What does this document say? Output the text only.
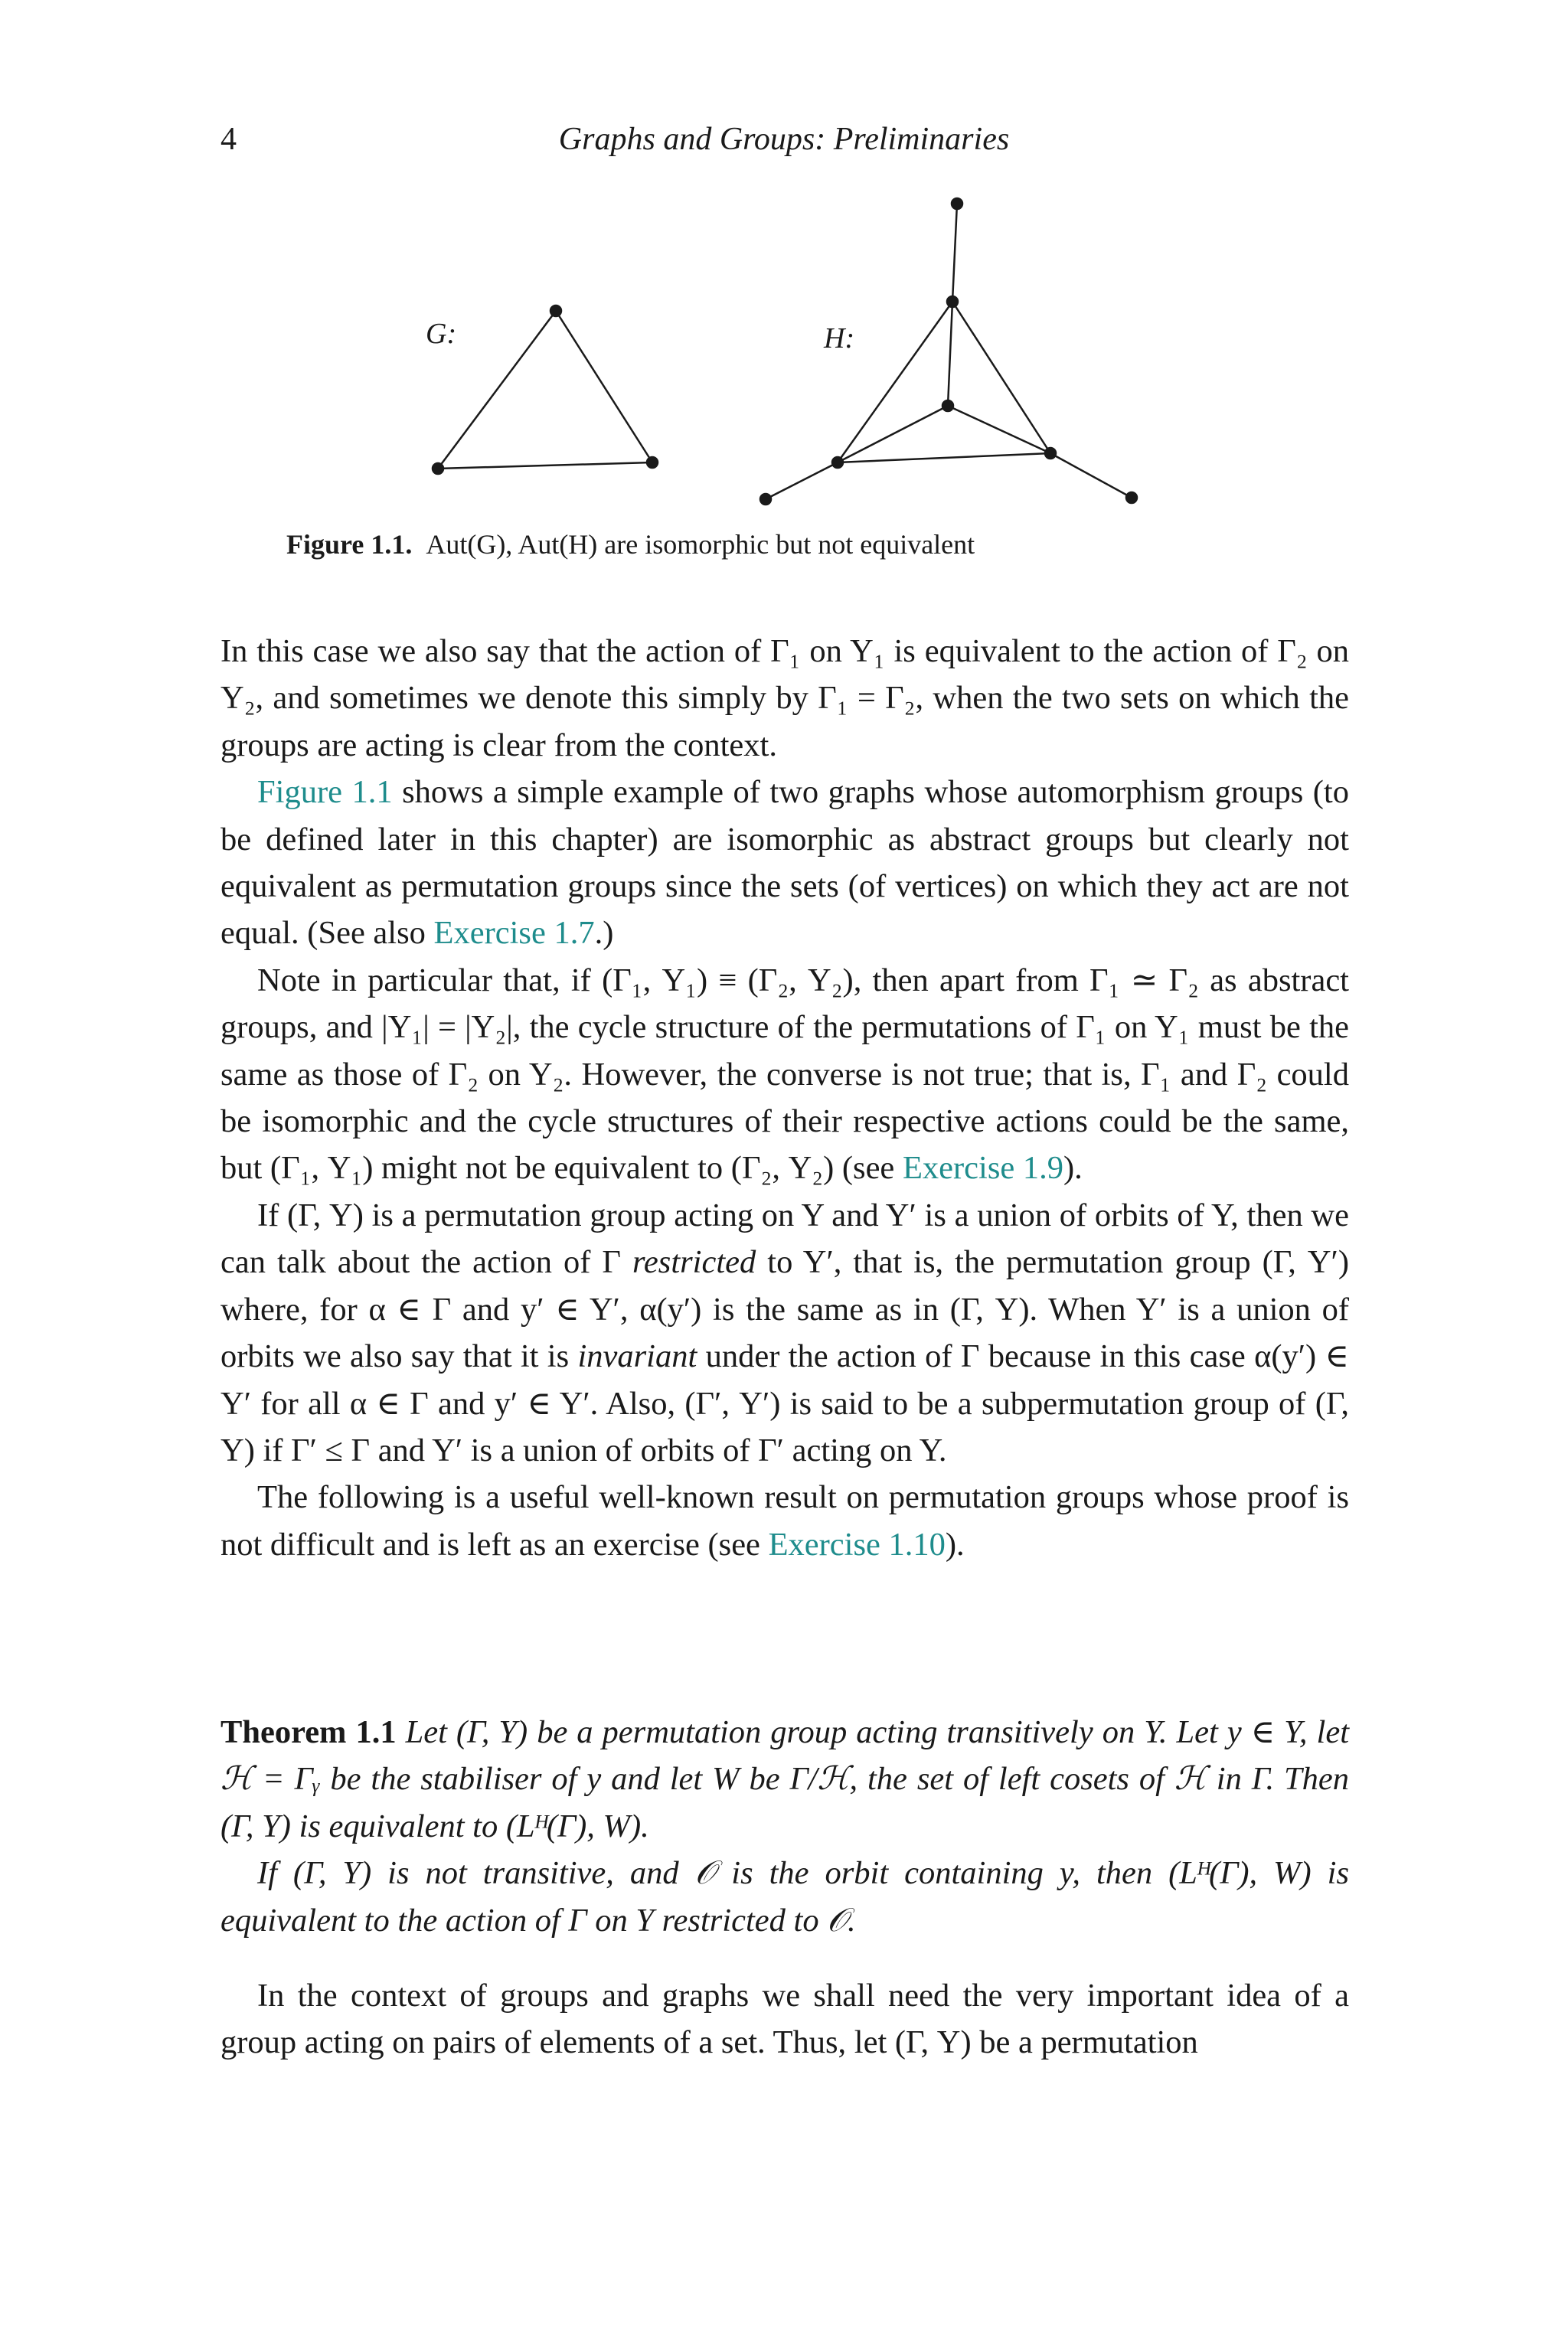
4	Graphs and Groups: Preliminaries
G:	H:
Figure 1.1. Aut(G), Aut(H) are isomorphic but not equivalent

In this case we also say that the action of Γ₁ on Y₁ is equivalent to the action of Γ₂ on Y₂, and sometimes we denote this simply by Γ₁ = Γ₂, when the two sets on which the groups are acting is clear from the context.

Figure 1.1 shows a simple example of two graphs whose automorphism groups (to be defined later in this chapter) are isomorphic as abstract groups but clearly not equivalent as permutation groups since the sets (of vertices) on which they act are not equal. (See also Exercise 1.7.)

Note in particular that, if (Γ₁, Y₁) ≡ (Γ₂, Y₂), then apart from Γ₁ ≃ Γ₂ as abstract groups, and |Y₁| = |Y₂|, the cycle structure of the permutations of Γ₁ on Y₁ must be the same as those of Γ₂ on Y₂. However, the converse is not true; that is, Γ₁ and Γ₂ could be isomorphic and the cycle structures of their respective actions could be the same, but (Γ₁, Y₁) might not be equivalent to (Γ₂, Y₂) (see Exercise 1.9).

If (Γ, Y) is a permutation group acting on Y and Y′ is a union of orbits of Y, then we can talk about the action of Γ restricted to Y′, that is, the permutation group (Γ, Y′) where, for α ∈ Γ and y′ ∈ Y′, α(y′) is the same as in (Γ, Y). When Y′ is a union of orbits we also say that it is invariant under the action of Γ because in this case α(y′) ∈ Y′ for all α ∈ Γ and y′ ∈ Y′. Also, (Γ′, Y′) is said to be a subpermutation group of (Γ, Y) if Γ′ ≤ Γ and Y′ is a union of orbits of Γ′ acting on Y.

The following is a useful well-known result on permutation groups whose proof is not difficult and is left as an exercise (see Exercise 1.10).

Theorem 1.1 Let (Γ, Y) be a permutation group acting transitively on Y. Let y ∈ Y, let ℋ = Γᵧ be the stabiliser of y and let W be Γ/ℋ, the set of left cosets of ℋ in Γ. Then (Γ, Y) is equivalent to (Lᴴ(Γ), W).

If (Γ, Y) is not transitive, and 𝒪 is the orbit containing y, then (Lᴴ(Γ), W) is equivalent to the action of Γ on Y restricted to 𝒪.

In the context of groups and graphs we shall need the very important idea of a group acting on pairs of elements of a set. Thus, let (Γ, Y) be a permutation
